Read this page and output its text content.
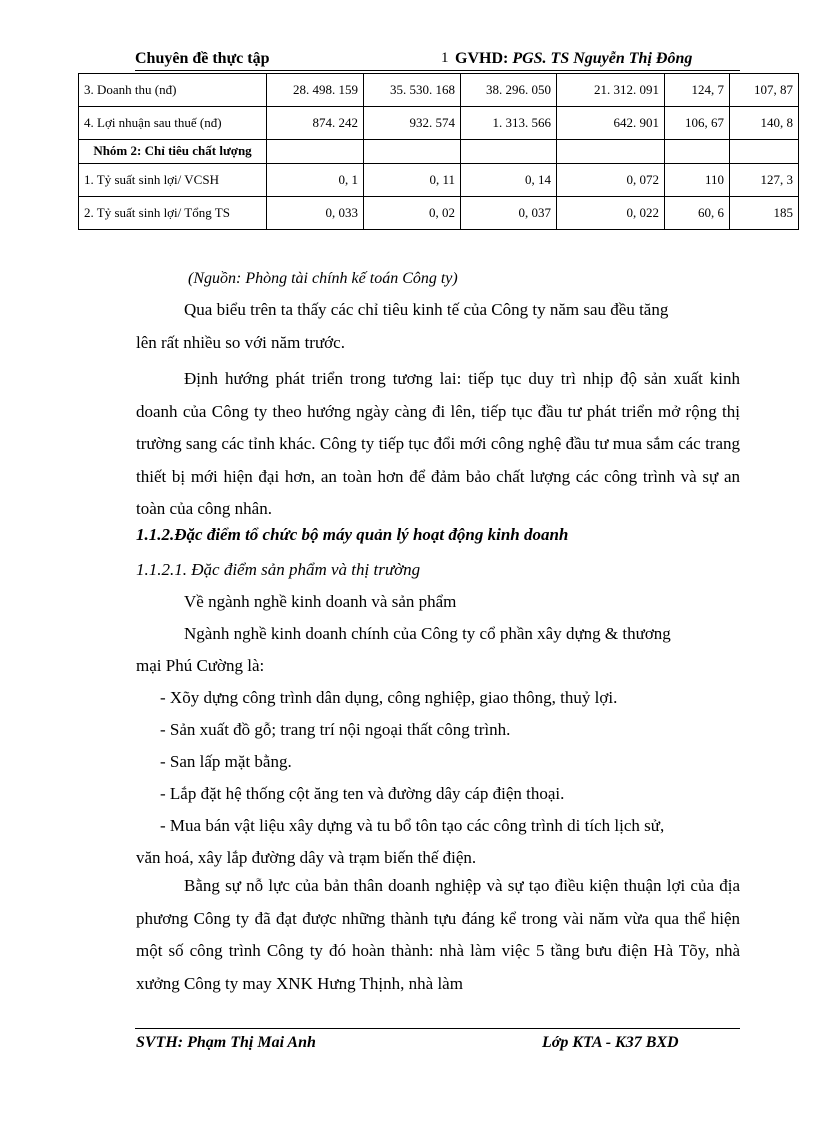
Chuyên đề thực tập	1 GVHD: PGS. TS Nguyễn Thị Đông
3. Doanh thu (nđ)	28. 498. 159	35. 530. 168	38. 296. 050	21. 312. 091	124, 7	107, 87
4. Lợi nhuận sau thuế (nđ)	874. 242	932. 574	1. 313. 566	642. 901	106, 67	140, 8
Nhóm 2: Chỉ tiêu chất lượng						
1. Tỷ suất sinh lợi/ VCSH	0, 1	0, 11	0, 14	0, 072	110	127, 3
2. Tỷ suất sinh lợi/ Tổng TS	0, 033	0, 02	0, 037	0, 022	60, 6	185
(Nguồn: Phòng tài chính kế toán Công ty)
Qua biểu trên ta thấy các chỉ tiêu kinh tế của Công ty năm sau đều tăng
lên rất nhiều so với năm trước.
Định hướng phát triển trong tương lai: tiếp tục duy trì nhịp độ sản xuất kinh doanh của Công ty theo hướng ngày càng đi lên, tiếp tục đầu tư phát triển mở rộng thị trường sang các tỉnh khác. Công ty tiếp tục đổi mới công nghệ đầu tư mua sắm các trang thiết bị mới hiện đại hơn, an toàn hơn để đảm bảo chất lượng các công trình và sự an toàn của công nhân.
1.1.2.Đặc điểm tổ chức bộ máy quản lý hoạt động kinh doanh
1.1.2.1. Đặc điểm sản phẩm và thị trường
Về ngành nghề kinh doanh và sản phẩm
Ngành nghề kinh doanh chính của Công ty cổ phần xây dựng & thương
mại Phú Cường là:
- Xõy dựng công trình dân dụng, công nghiệp, giao thông, thuỷ lợi.
- Sản xuất đồ gỗ; trang trí nội ngoại thất công trình.
- San lấp mặt bằng.
- Lắp đặt hệ thống cột ăng ten và đường dây cáp điện thoại.
- Mua bán vật liệu xây dựng và tu bổ tôn tạo các công trình di tích lịch sử,
văn hoá, xây lắp đường dây và trạm biến thế điện.
Bằng sự nỗ lực của bản thân doanh nghiệp và sự tạo điều kiện thuận lợi của địa phương Công ty đã đạt được những thành tựu đáng kể trong vài năm vừa qua thể hiện một số công trình Công ty đó hoàn thành: nhà làm việc 5 tầng bưu điện Hà Tõy, nhà xưởng Công ty may XNK Hưng Thịnh, nhà làm
SVTH: Phạm Thị Mai Anh	Lớp KTA - K37 BXD
